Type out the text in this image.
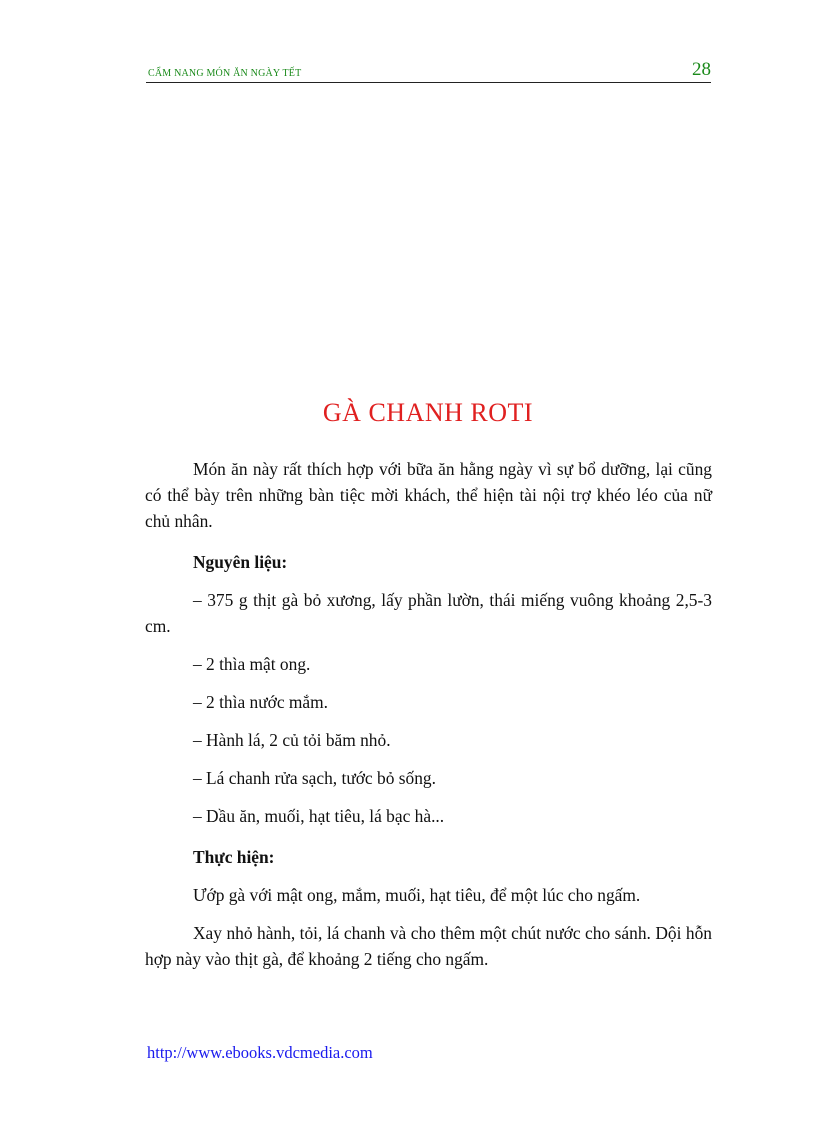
CẨM NANG MÓN ĂN NGÀY TẾT	28
GÀ CHANH ROTI

Món ăn này rất thích hợp với bữa ăn hằng ngày vì sự bổ dưỡng, lại cũng có thể bày trên những bàn tiệc mời khách, thể hiện tài nội trợ khéo léo của nữ chủ nhân.

Nguyên liệu:

– 375 g thịt gà bỏ xương, lấy phần lườn, thái miếng vuông khoảng 2,5-3 cm.

– 2 thìa mật ong.

– 2 thìa nước mắm.

– Hành lá, 2 củ tỏi băm nhỏ.

– Lá chanh rửa sạch, tước bỏ sống.

– Dầu ăn, muối, hạt tiêu, lá bạc hà...

Thực hiện:

Ướp gà với mật ong, mắm, muối, hạt tiêu, để một lúc cho ngấm.

Xay nhỏ hành, tỏi, lá chanh và cho thêm một chút nước cho sánh. Dội hỗn hợp này vào thịt gà, để khoảng 2 tiếng cho ngấm.

http://www.ebooks.vdcmedia.com
